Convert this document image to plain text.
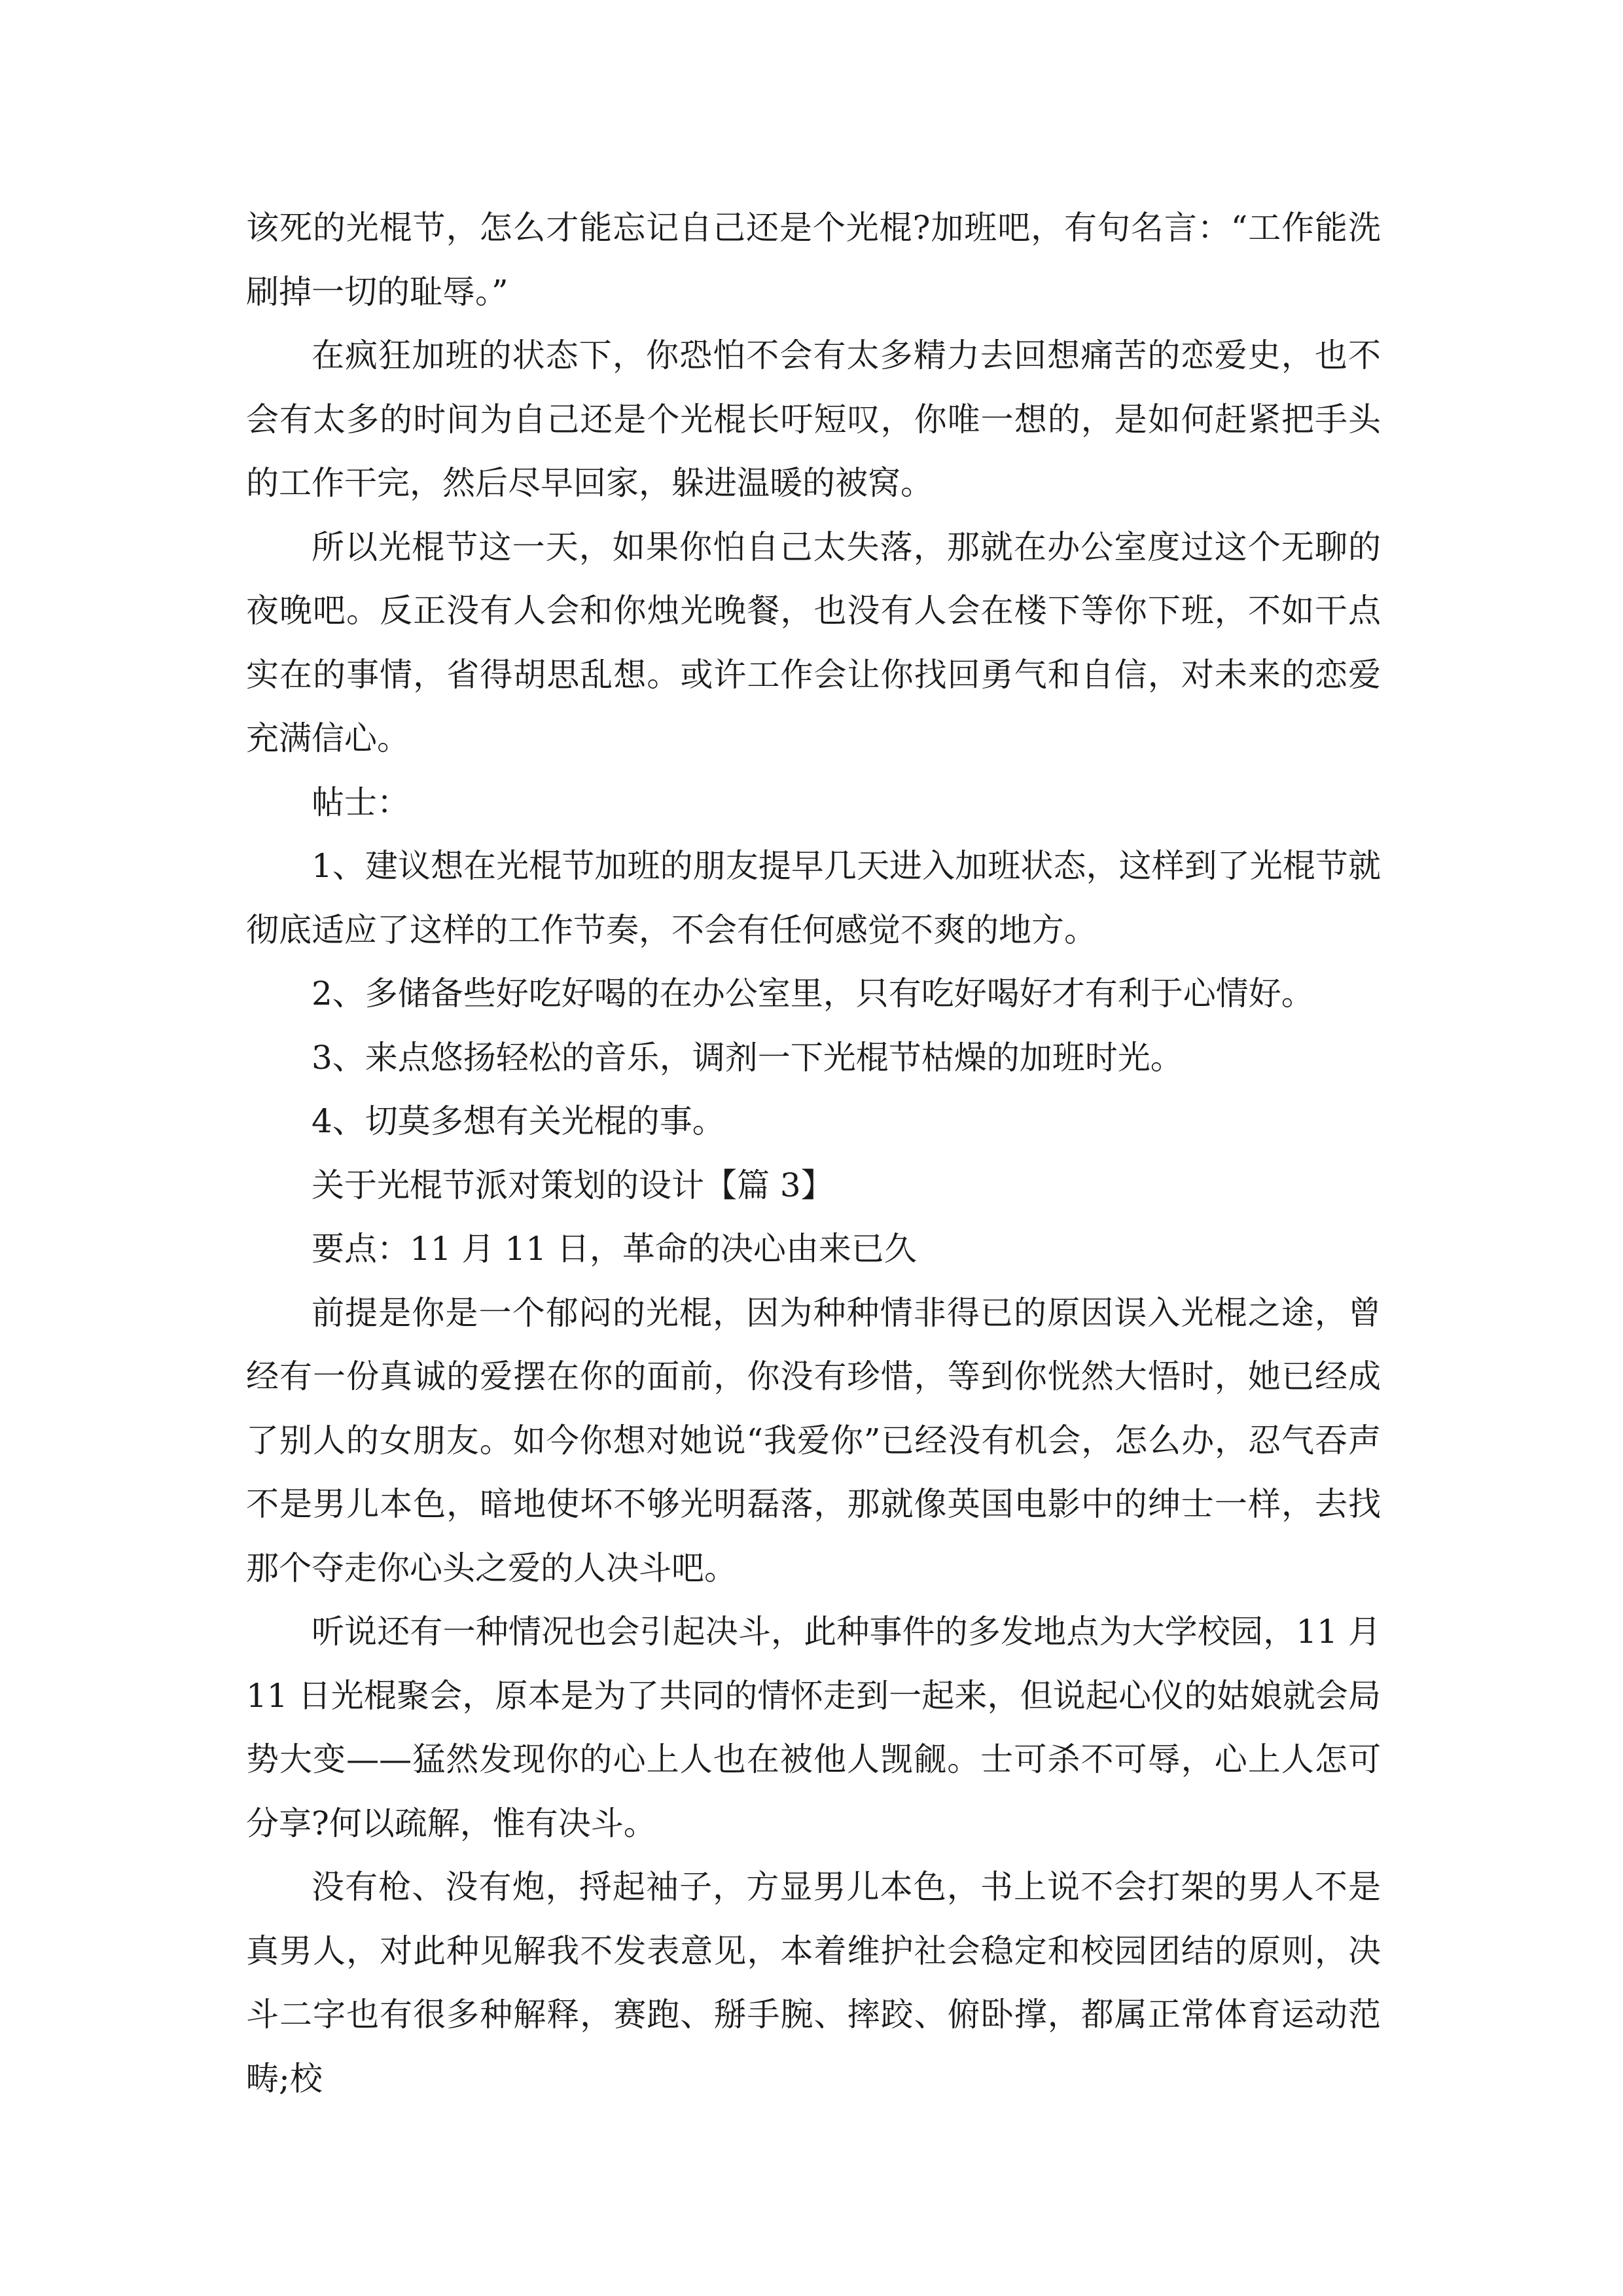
该死的光棍节，怎么才能忘记自己还是个光棍?加班吧，有句名言：“工作能洗刷掉一切的耻辱。”

在疯狂加班的状态下，你恐怕不会有太多精力去回想痛苦的恋爱史，也不会有太多的时间为自己还是个光棍长吁短叹，你唯一想的，是如何赶紧把手头的工作干完，然后尽早回家，躲进温暖的被窝。

所以光棍节这一天，如果你怕自己太失落，那就在办公室度过这个无聊的夜晚吧。反正没有人会和你烛光晚餐，也没有人会在楼下等你下班，不如干点实在的事情，省得胡思乱想。或许工作会让你找回勇气和自信，对未来的恋爱充满信心。

帖士：

1、建议想在光棍节加班的朋友提早几天进入加班状态，这样到了光棍节就彻底适应了这样的工作节奏，不会有任何感觉不爽的地方。

2、多储备些好吃好喝的在办公室里，只有吃好喝好才有利于心情好。

3、来点悠扬轻松的音乐，调剂一下光棍节枯燥的加班时光。

4、切莫多想有关光棍的事。

关于光棍节派对策划的设计【篇 3】

要点：11 月 11 日，革命的决心由来已久

前提是你是一个郁闷的光棍，因为种种情非得已的原因误入光棍之途，曾经有一份真诚的爱摆在你的面前，你没有珍惜，等到你恍然大悟时，她已经成了别人的女朋友。如今你想对她说“我爱你”已经没有机会，怎么办，忍气吞声不是男儿本色，暗地使坏不够光明磊落，那就像英国电影中的绅士一样，去找那个夺走你心头之爱的人决斗吧。

听说还有一种情况也会引起决斗，此种事件的多发地点为大学校园，11 月 11 日光棍聚会，原本是为了共同的情怀走到一起来，但说起心仪的姑娘就会局势大变——猛然发现你的心上人也在被他人觊觎。士可杀不可辱，心上人怎可分享?何以疏解，惟有决斗。

没有枪、没有炮，捋起袖子，方显男儿本色，书上说不会打架的男人不是真男人，对此种见解我不发表意见，本着维护社会稳定和校园团结的原则，决斗二字也有很多种解释，赛跑、掰手腕、摔跤、俯卧撑，都属正常体育运动范畴;校
